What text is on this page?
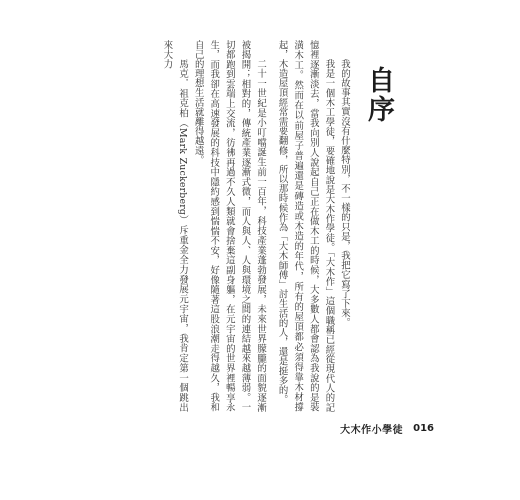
自序

我的故事其實沒有什麼特別，不一樣的只是，我把它寫了下來。

我是一個木工學徒，要確地說是大木作學徒。「大木作」這個職稱已經從現代人的記憶裡逐漸淡去，當我向別人說起自己正在做木工的時候，大多數人都會認為我說的是裝潢木工。然而在以前屋子普遍還是磚造或木造的年代，所有的屋頂都必須得靠木材撐起，木造屋頂經常需要翻修，所以那時候作為「大木師傅」討生活的人，還是挺多的。

二十一世紀是小叮噹誕生前一百年，科技產業蓬勃發展，未來世界朦朧的面貌逐漸被揭開；相對的，傳統產業逐漸式微，而人與人、人與環境之間的連結越來越薄弱。一切都跑到雲端上交流，彷彿再過不久人類就會捨棄這副身軀，在元宇宙的世界裡暢享永生，而我卻在高速發展的科技中隱約感到惴惴不安，好像隨著這股浪潮走得越久，我和自己的理想生活就離得越遠。

馬克．祖克柏（Mark Zuckerberg）斥重金全力發展元宇宙，我肯定第一個跳出來大力

大木作小學徒 016
